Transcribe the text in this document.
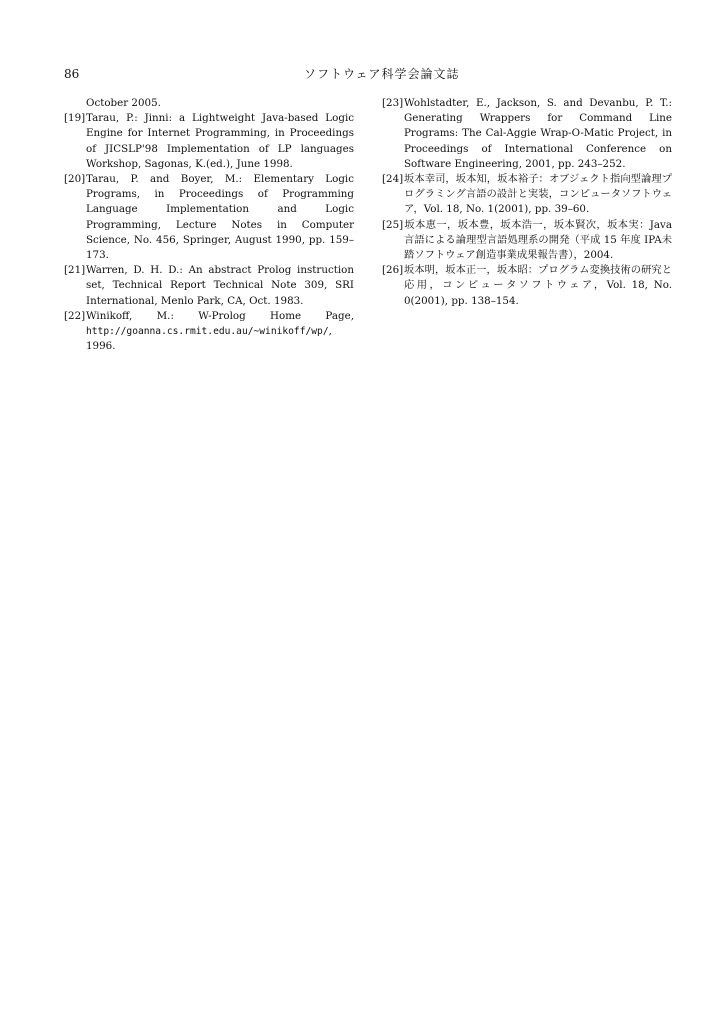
86	ソフトウェア科学会論文誌

October 2005.

[19]Tarau, P.: Jinni: a Lightweight Java-based Logic Engine for Internet Programming, in Proceedings of JICSLP'98 Implementation of LP languages Workshop, Sagonas, K.(ed.), June 1998.

[20]Tarau, P. and Boyer, M.: Elementary Logic Programs, in Proceedings of Programming Language Implementation and Logic Programming, Lecture Notes in Computer Science, No. 456, Springer, August 1990, pp. 159–173.

[21]Warren, D. H. D.: An abstract Prolog instruction set, Technical Report Technical Note 309, SRI International, Menlo Park, CA, Oct. 1983.

[22]Winikoff, M.: W-Prolog Home Page, http://goanna.cs.rmit.edu.au/~winikoff/wp/, 1996.

[23]Wohlstadter, E., Jackson, S. and Devanbu, P. T.: Generating Wrappers for Command Line Programs: The Cal-Aggie Wrap-O-Matic Project, in Proceedings of International Conference on Software Engineering, 2001, pp. 243–252.

[24]坂本幸司，坂本知，坂本裕子：オブジェクト指向型論理プログラミング言語の設計と実装，コンピュータソフトウェア，Vol. 18, No. 1(2001), pp. 39–60.

[25]坂本恵一，坂本豊，坂本浩一，坂本賢次，坂本実：Java言語による論理型言語処理系の開発（平成 15 年度 IPA未踏ソフトウェア創造事業成果報告書），2004.

[26]坂本明，坂本正一，坂本昭：プログラム変換技術の研究と応用，コンピュータソフトウェア，Vol. 18, No. 0(2001), pp. 138–154.
